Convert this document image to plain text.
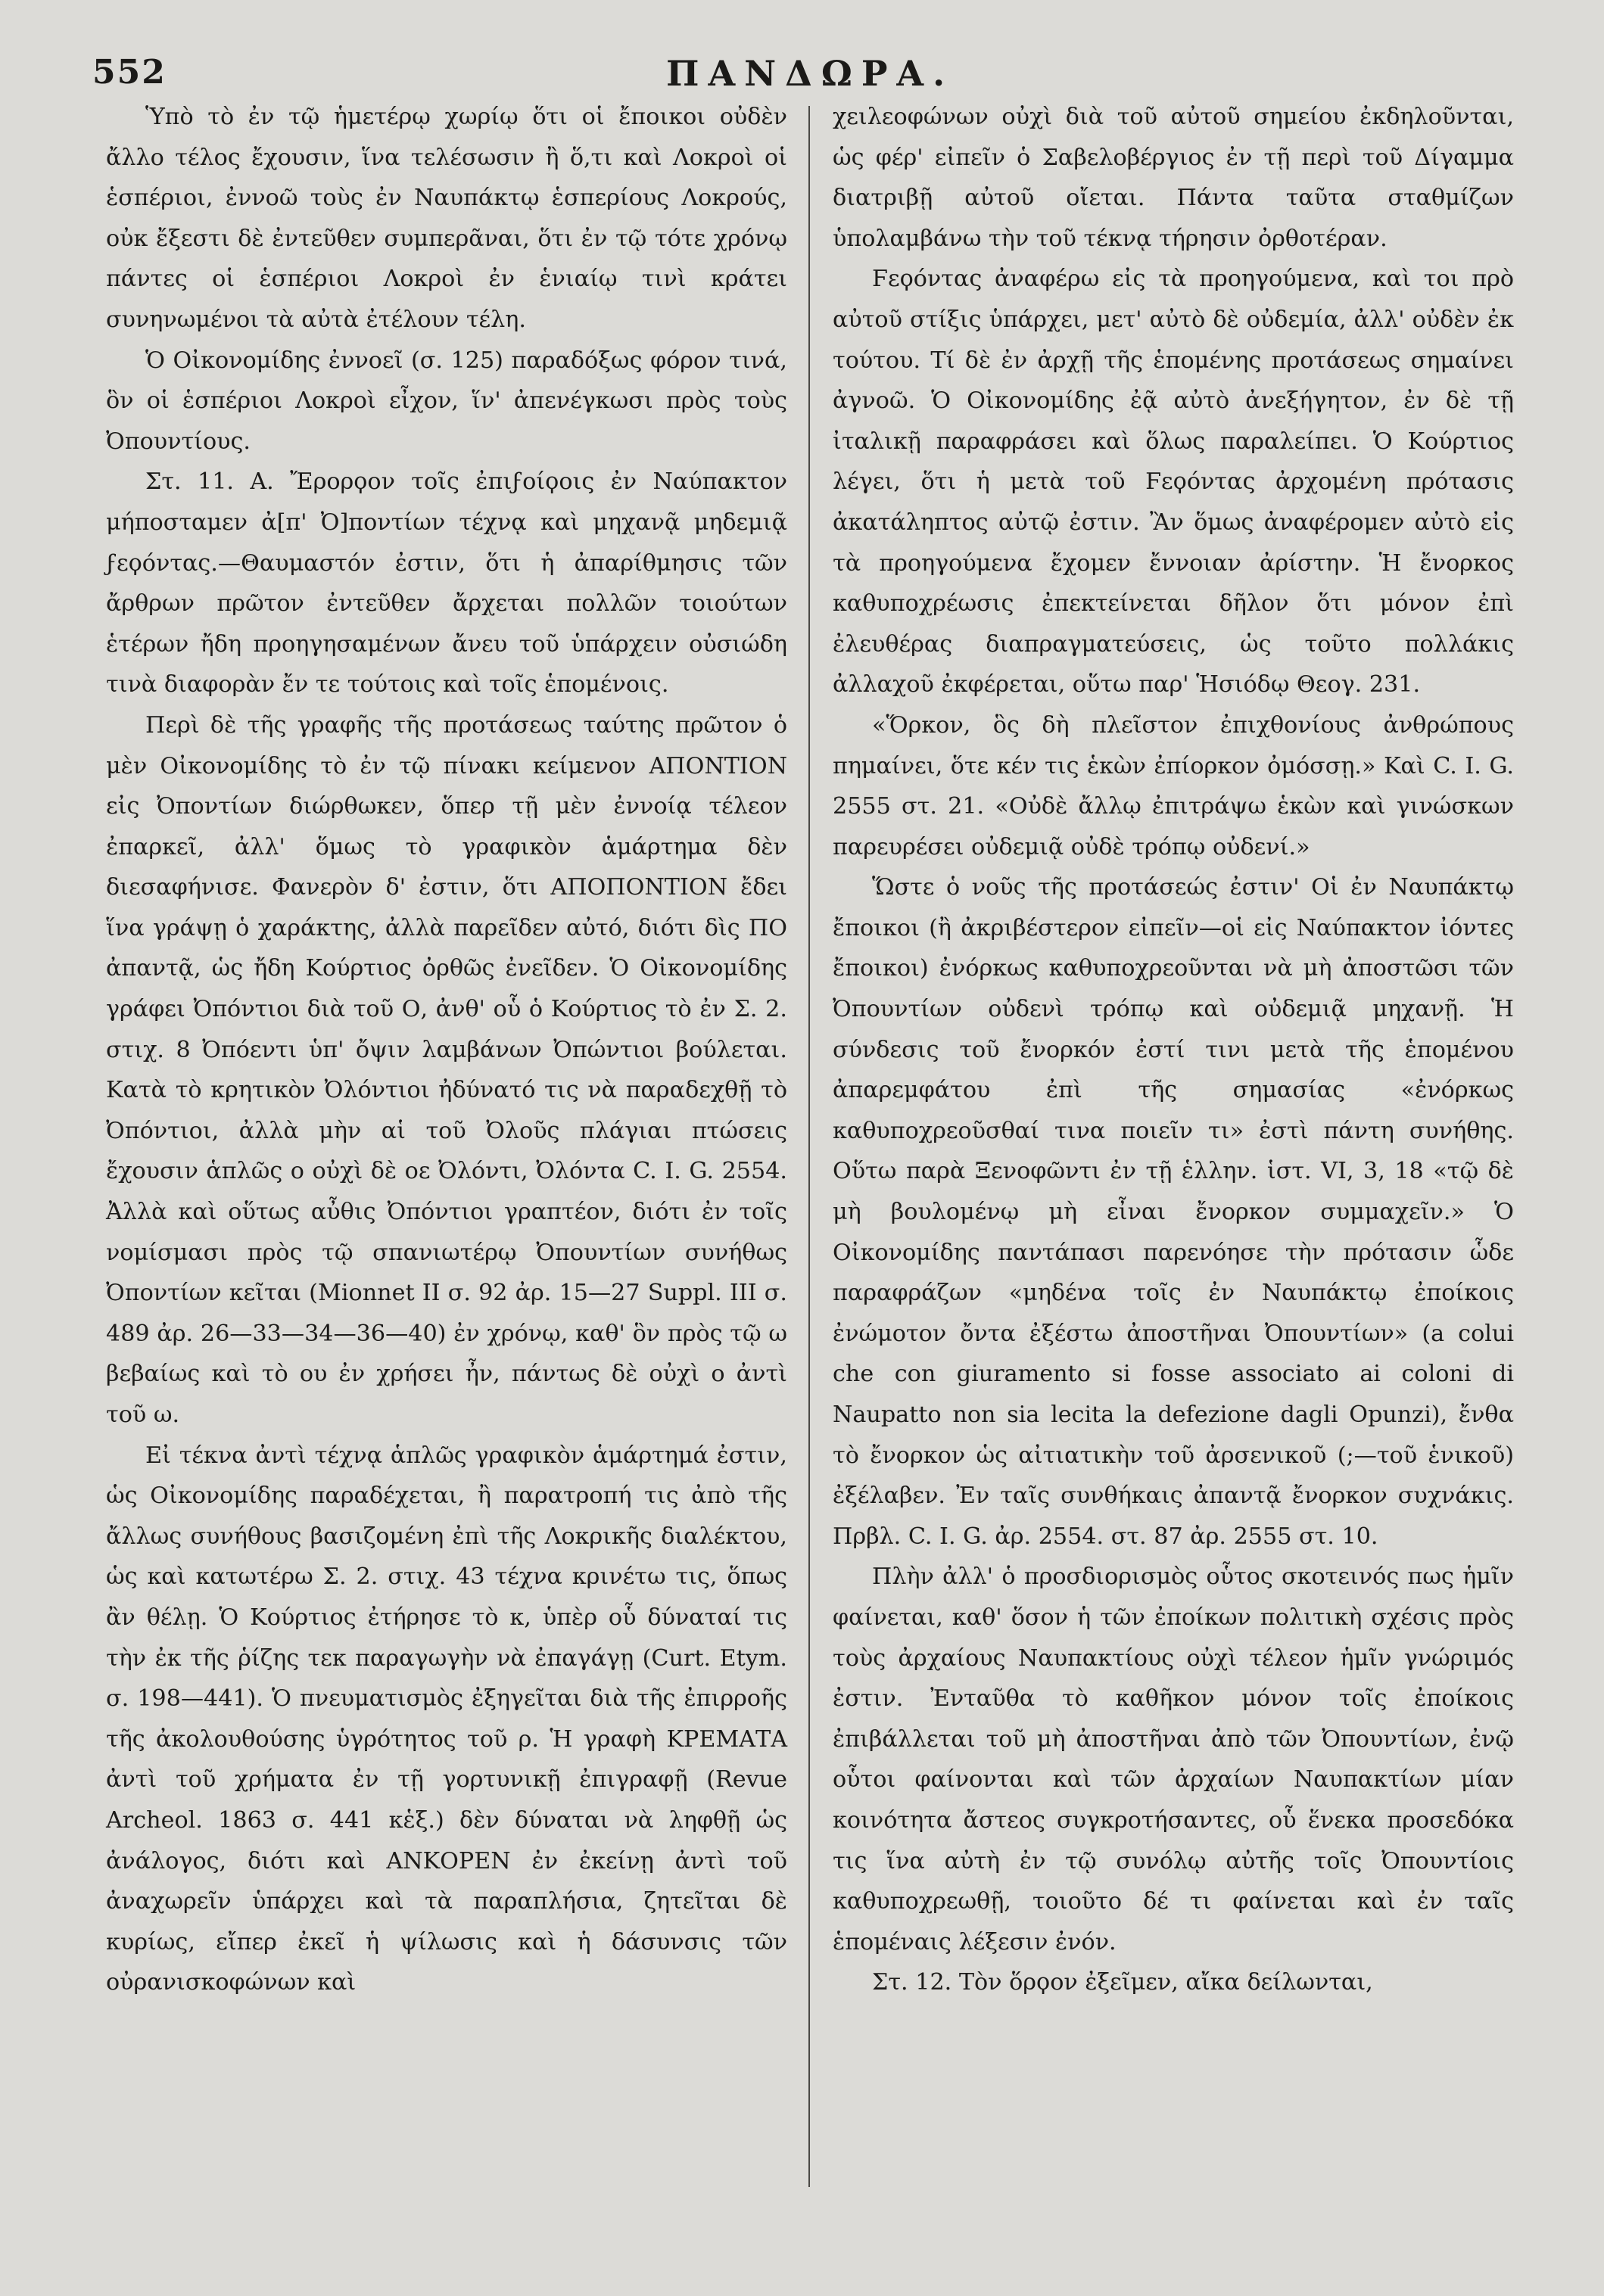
552	ΠΑΝΔΩΡΑ.

Ὑπὸ τὸ ἐν τῷ ἡμετέρῳ χωρίῳ ὅτι οἱ ἔποικοι οὐδὲν ἄλλο τέλος ἔχουσιν, ἵνα τελέσωσιν ἢ ὅ,τι καὶ Λοκροὶ οἱ ἑσπέριοι, ἐννοῶ τοὺς ἐν Ναυπάκτῳ ἑσπερίους Λοκρούς, οὐκ ἔξεστι δὲ ἐντεῦθεν συμπερᾶναι, ὅτι ἐν τῷ τότε χρόνῳ πάντες οἱ ἑσπέριοι Λοκροὶ ἐν ἑνιαίῳ τινὶ κράτει συνηνωμένοι τὰ αὐτὰ ἐτέλουν τέλη.

Ὁ Οἰκονομίδης ἐννοεῖ (σ. 125) παραδόξως φόρον τινά, ὃν οἱ ἑσπέριοι Λοκροὶ εἶχον, ἵν' ἀπενέγκωσι πρὸς τοὺς Ὀπουντίους.

Στ. 11. Α. Ἔρορϙον τοῖς ἐπιϝοίϙοις ἐν Ναύπακτον μήποσταμεν ἀ[π' Ὀ]ποντίων τέχνᾳ καὶ μηχανᾷ μηδεμιᾷ ϝεϙόντας.—Θαυμαστόν ἐστιν, ὅτι ἡ ἀπαρίθμησις τῶν ἄρθρων πρῶτον ἐντεῦθεν ἄρχεται πολλῶν τοιούτων ἑτέρων ἤδη προηγησαμένων ἄνευ τοῦ ὑπάρχειν οὐσιώδη τινὰ διαφορὰν ἔν τε τούτοις καὶ τοῖς ἑπομένοις.

Περὶ δὲ τῆς γραφῆς τῆς προτάσεως ταύτης πρῶτον ὁ μὲν Οἰκονομίδης τὸ ἐν τῷ πίνακι κείμενον ΑΠΟΝΤΙΟΝ εἰς Ὀποντίων διώρθωκεν, ὅπερ τῇ μὲν ἐννοίᾳ τέλεον ἐπαρκεῖ, ἀλλ' ὅμως τὸ γραφικὸν ἁμάρτημα δὲν διεσαφήνισε. Φανερὸν δ' ἐστιν, ὅτι ΑΠΟΠΟΝΤΙΟΝ ἔδει ἵνα γράψῃ ὁ χαράκτης, ἀλλὰ παρεῖδεν αὐτό, διότι δὶς ΠΟ ἀπαντᾷ, ὡς ἤδη Κούρτιος ὀρθῶς ἐνεῖδεν. Ὁ Οἰκονομίδης γράφει Ὀπόντιοι διὰ τοῦ Ο, ἀνθ' οὗ ὁ Κούρτιος τὸ ἐν Σ. 2. στιχ. 8 Ὀπόεντι ὑπ' ὄψιν λαμβάνων Ὀπώντιοι βούλεται. Κατὰ τὸ κρητικὸν Ὀλόντιοι ἠδύνατό τις νὰ παραδεχθῇ τὸ Ὀπόντιοι, ἀλλὰ μὴν αἱ τοῦ Ὀλοῦς πλάγιαι πτώσεις ἔχουσιν ἁπλῶς ο οὐχὶ δὲ οε Ὀλόντι, Ὀλόντα C. I. G. 2554. Ἀλλὰ καὶ οὕτως αὖθις Ὀπόντιοι γραπτέον, διότι ἐν τοῖς νομίσμασι πρὸς τῷ σπανιωτέρῳ Ὀπουντίων συνήθως Ὀποντίων κεῖται (Mionnet II σ. 92 ἀρ. 15—27 Suppl. III σ. 489 ἀρ. 26—33—34—36—40) ἐν χρόνῳ, καθ' ὃν πρὸς τῷ ω βεβαίως καὶ τὸ ου ἐν χρήσει ἦν, πάντως δὲ οὐχὶ ο ἀντὶ τοῦ ω.

Εἰ τέκνα ἀντὶ τέχνᾳ ἁπλῶς γραφικὸν ἁμάρτημά ἐστιν, ὡς Οἰκονομίδης παραδέχεται, ἢ παρατροπή τις ἀπὸ τῆς ἄλλως συνήθους βασιζομένη ἐπὶ τῆς Λοκρικῆς διαλέκτου, ὡς καὶ κατωτέρω Σ. 2. στιχ. 43 τέχνα κρινέτω τις, ὅπως ἂν θέλῃ. Ὁ Κούρτιος ἐτήρησε τὸ κ, ὑπὲρ οὗ δύναταί τις τὴν ἐκ τῆς ῥίζης τεκ παραγωγὴν νὰ ἐπαγάγῃ (Curt. Etym. σ. 198—441). Ὁ πνευματισμὸς ἐξηγεῖται διὰ τῆς ἐπιρροῆς τῆς ἀκολουθούσης ὑγρότητος τοῦ ρ. Ἡ γραφὴ ΚΡΕΜΑΤΑ ἀντὶ τοῦ χρήματα ἐν τῇ γορτυνικῇ ἐπιγραφῇ (Revue Archeol. 1863 σ. 441 κἑξ.) δὲν δύναται νὰ ληφθῇ ὡς ἀνάλογος, διότι καὶ ΑΝΚΟΡΕΝ ἐν ἐκείνῃ ἀντὶ τοῦ ἀναχωρεῖν ὑπάρχει καὶ τὰ παραπλήσια, ζητεῖται δὲ κυρίως, εἴπερ ἐκεῖ ἡ ψίλωσις καὶ ἡ δάσυνσις τῶν οὐρανισκοφώνων καὶ

χειλεοφώνων οὐχὶ διὰ τοῦ αὐτοῦ σημείου ἐκδηλοῦνται, ὡς φέρ' εἰπεῖν ὁ Σαβελοβέργιος ἐν τῇ περὶ τοῦ Δίγαμμα διατριβῇ αὐτοῦ οἴεται. Πάντα ταῦτα σταθμίζων ὑπολαμβάνω τὴν τοῦ τέκνᾳ τήρησιν ὀρθοτέραν.

Ϝεϙόντας ἀναφέρω εἰς τὰ προηγούμενα, καὶ τοι πρὸ αὐτοῦ στίξις ὑπάρχει, μετ' αὐτὸ δὲ οὐδεμία, ἀλλ' οὐδὲν ἐκ τούτου. Τί δὲ ἐν ἀρχῇ τῆς ἑπομένης προτάσεως σημαίνει ἀγνοῶ. Ὁ Οἰκονομίδης ἐᾷ αὐτὸ ἀνεξήγητον, ἐν δὲ τῇ ἰταλικῇ παραφράσει καὶ ὅλως παραλείπει. Ὁ Κούρτιος λέγει, ὅτι ἡ μετὰ τοῦ Ϝεϙόντας ἀρχομένη πρότασις ἀκατάληπτος αὐτῷ ἐστιν. Ἂν ὅμως ἀναφέρομεν αὐτὸ εἰς τὰ προηγούμενα ἔχομεν ἔννοιαν ἀρίστην. Ἡ ἔνορκος καθυποχρέωσις ἐπεκτείνεται δῆλον ὅτι μόνον ἐπὶ ἐλευθέρας διαπραγματεύσεις, ὡς τοῦτο πολλάκις ἀλλαχοῦ ἐκφέρεται, οὕτω παρ' Ἡσιόδῳ Θεογ. 231.

«Ὅρκον, ὃς δὴ πλεῖστον ἐπιχθονίους ἀνθρώπους πημαίνει, ὅτε κέν τις ἑκὼν ἐπίορκον ὀμόσσῃ.» Καὶ C. I. G. 2555 στ. 21. «Οὐδὲ ἄλλῳ ἐπιτράψω ἑκὼν καὶ γινώσκων παρευρέσει οὐδεμιᾷ οὐδὲ τρόπῳ οὐδενί.»

Ὥστε ὁ νοῦς τῆς προτάσεώς ἐστιν' Οἱ ἐν Ναυπάκτῳ ἔποικοι (ἢ ἀκριβέστερον εἰπεῖν—οἱ εἰς Ναύπακτον ἰόντες ἔποικοι) ἐνόρκως καθυποχρεοῦνται νὰ μὴ ἀποστῶσι τῶν Ὀπουντίων οὐδενὶ τρόπῳ καὶ οὐδεμιᾷ μηχανῇ. Ἡ σύνδεσις τοῦ ἔνορκόν ἐστί τινι μετὰ τῆς ἑπομένου ἀπαρεμφάτου ἐπὶ τῆς σημασίας «ἐνόρκως καθυποχρεοῦσθαί τινα ποιεῖν τι» ἐστὶ πάντη συνήθης. Οὕτω παρὰ Ξενοφῶντι ἐν τῇ ἑλλην. ἱστ. VI, 3, 18 «τῷ δὲ μὴ βουλομένῳ μὴ εἶναι ἔνορκον συμμαχεῖν.» Ὁ Οἰκονομίδης παντάπασι παρενόησε τὴν πρότασιν ὧδε παραφράζων «μηδένα τοῖς ἐν Ναυπάκτῳ ἐποίκοις ἐνώμοτον ὄντα ἐξέστω ἀποστῆναι Ὀπουντίων» (a colui che con giuramento si fosse associato ai coloni di Naupatto non sia lecita la defezione dagli Opunzi), ἔνθα τὸ ἔνορκον ὡς αἰτιατικὴν τοῦ ἀρσενικοῦ (;—τοῦ ἑνικοῦ) ἐξέλαβεν. Ἐν ταῖς συνθήκαις ἀπαντᾷ ἔνορκον συχνάκις. Πρβλ. C. I. G. ἀρ. 2554. στ. 87 ἀρ. 2555 στ. 10.

Πλὴν ἀλλ' ὁ προσδιορισμὸς οὗτος σκοτεινός πως ἡμῖν φαίνεται, καθ' ὅσον ἡ τῶν ἐποίκων πολιτικὴ σχέσις πρὸς τοὺς ἀρχαίους Ναυπακτίους οὐχὶ τέλεον ἡμῖν γνώριμός ἐστιν. Ἐνταῦθα τὸ καθῆκον μόνον τοῖς ἐποίκοις ἐπιβάλλεται τοῦ μὴ ἀποστῆναι ἀπὸ τῶν Ὀπουντίων, ἐνῷ οὗτοι φαίνονται καὶ τῶν ἀρχαίων Ναυπακτίων μίαν κοινότητα ἄστεος συγκροτήσαντες, οὗ ἕνεκα προσεδόκα τις ἵνα αὐτὴ ἐν τῷ συνόλῳ αὐτῆς τοῖς Ὀπουντίοις καθυποχρεωθῇ, τοιοῦτο δέ τι φαίνεται καὶ ἐν ταῖς ἑπομέναις λέξεσιν ἐνόν.

Στ. 12. Τὸν ὅρϙον ἐξεῖμεν, αἴκα δείλωνται,
